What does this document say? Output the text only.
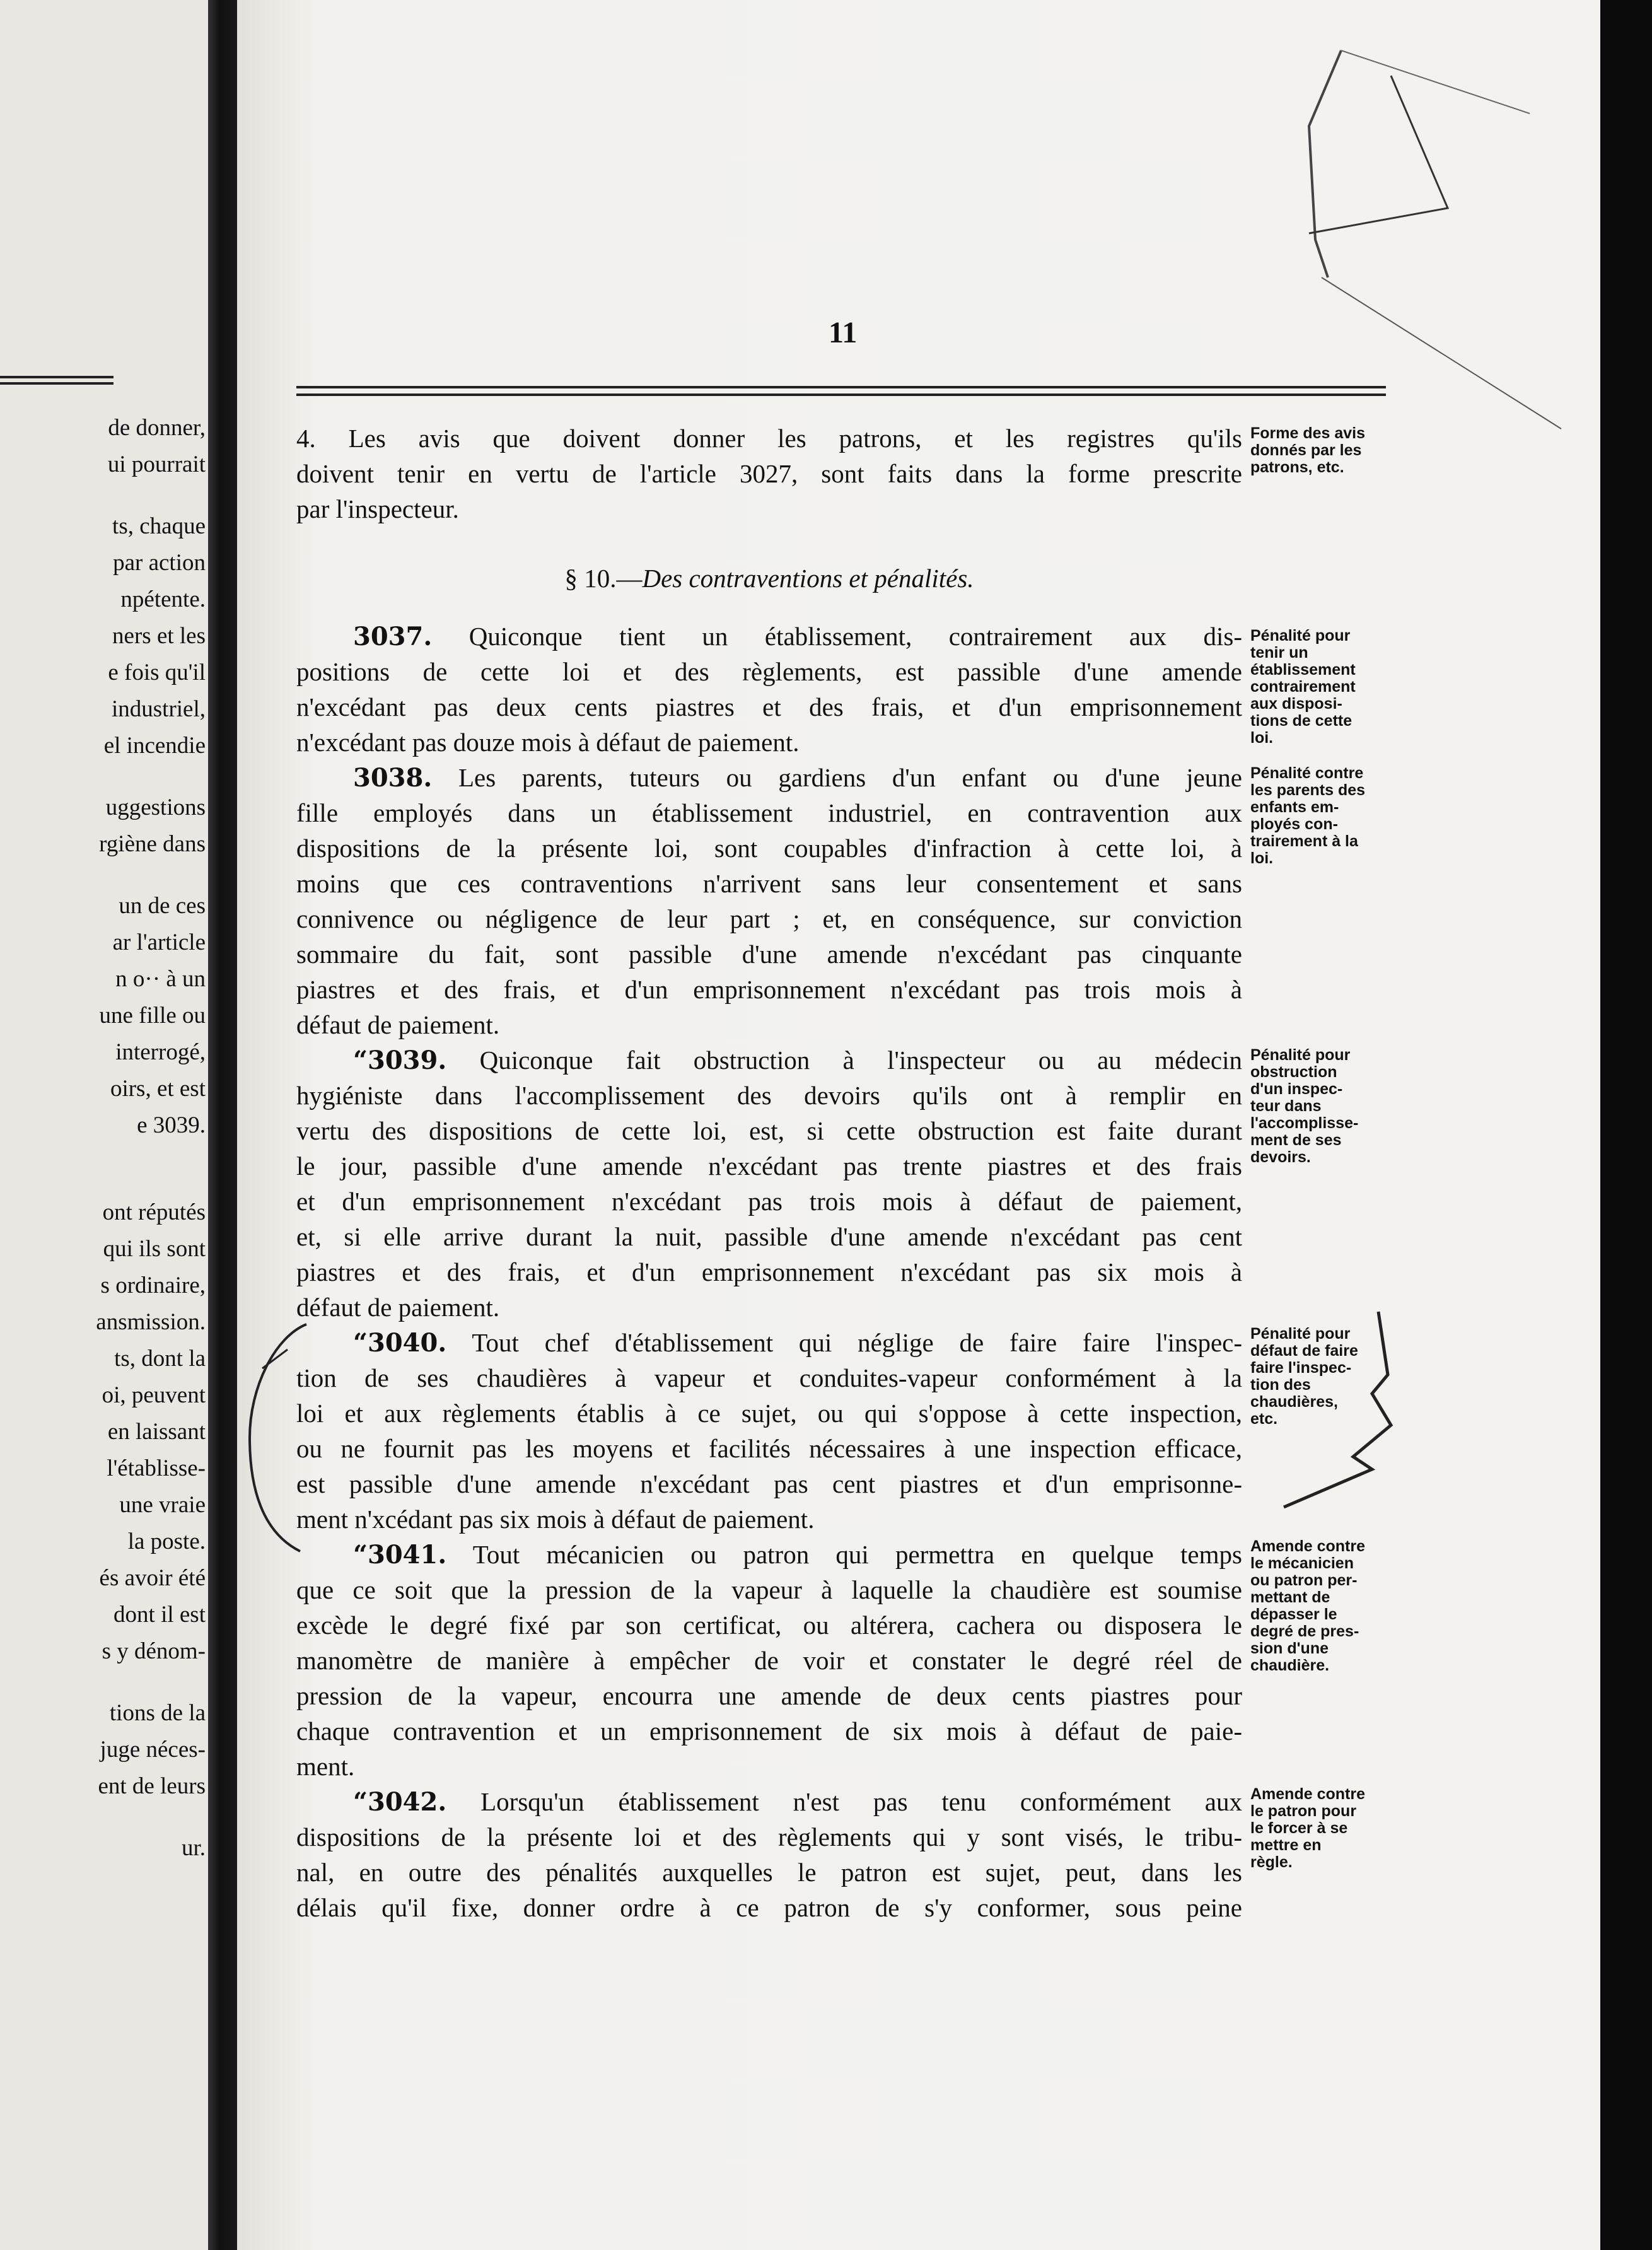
de donner,
ui pourrait
ts, chaque
par action
npétente.
ners et les
e fois qu'il
industriel,
el incendie
uggestions
rgiène dans
un de ces
ar l'article
n o·· à un
une fille ou
interrogé,
oirs, et est
e 3039.
ont réputés
qui ils sont
s ordinaire,
ansmission.
ts, dont la
oi, peuvent
en laissant
l'établisse-
une vraie
la poste.
és avoir été
dont il est
s y dénom-
tions de la
juge néces-
ent de leurs
ur.
11
4. Les avis que doivent donner les patrons, et les registres qu'ils
doivent tenir en vertu de l'article 3027, sont faits dans la forme prescrite
par l'inspecteur.
Forme des avis
donnés par les
patrons, etc.
§ 10.—Des contraventions et pénalités.
3037. Quiconque tient un établissement, contrairement aux dis-
positions de cette loi et des règlements, est passible d'une amende
n'excédant pas deux cents piastres et des frais, et d'un emprisonnement
n'excédant pas douze mois à défaut de paiement.
Pénalité pour
tenir un
établissement
contrairement
aux disposi-
tions de cette
loi.
3038. Les parents, tuteurs ou gardiens d'un enfant ou d'une jeune
fille employés dans un établissement industriel, en contravention aux
dispositions de la présente loi, sont coupables d'infraction à cette loi, à
moins que ces contraventions n'arrivent sans leur consentement et sans
connivence ou négligence de leur part ; et, en conséquence, sur conviction
sommaire du fait, sont passible d'une amende n'excédant pas cinquante
piastres et des frais, et d'un emprisonnement n'excédant pas trois mois à
défaut de paiement.
Pénalité contre
les parents des
enfants em-
ployés con-
trairement à la
loi.
“3039. Quiconque fait obstruction à l'inspecteur ou au médecin
hygiéniste dans l'accomplissement des devoirs qu'ils ont à remplir en
vertu des dispositions de cette loi, est, si cette obstruction est faite durant
le jour, passible d'une amende n'excédant pas trente piastres et des frais
et d'un emprisonnement n'excédant pas trois mois à défaut de paiement,
et, si elle arrive durant la nuit, passible d'une amende n'excédant pas cent
piastres et des frais, et d'un emprisonnement n'excédant pas six mois à
défaut de paiement.
Pénalité pour
obstruction
d'un inspec-
teur dans
l'accomplisse-
ment de ses
devoirs.
“3040. Tout chef d'établissement qui néglige de faire faire l'inspec-
tion de ses chaudières à vapeur et conduites-vapeur conformément à la
loi et aux règlements établis à ce sujet, ou qui s'oppose à cette inspection,
ou ne fournit pas les moyens et facilités nécessaires à une inspection efficace,
est passible d'une amende n'excédant pas cent piastres et d'un emprisonne-
ment n'xcédant pas six mois à défaut de paiement.
Pénalité pour
défaut de faire
faire l'inspec-
tion des
chaudières,
etc.
“3041. Tout mécanicien ou patron qui permettra en quelque temps
que ce soit que la pression de la vapeur à laquelle la chaudière est soumise
excède le degré fixé par son certificat, ou altérera, cachera ou disposera le
manomètre de manière à empêcher de voir et constater le degré réel de
pression de la vapeur, encourra une amende de deux cents piastres pour
chaque contravention et un emprisonnement de six mois à défaut de paie-
ment.
Amende contre
le mécanicien
ou patron per-
mettant de
dépasser le
degré de pres-
sion d'une
chaudière.
“3042. Lorsqu'un établissement n'est pas tenu conformément aux
dispositions de la présente loi et des règlements qui y sont visés, le tribu-
nal, en outre des pénalités auxquelles le patron est sujet, peut, dans les
délais qu'il fixe, donner ordre à ce patron de s'y conformer, sous peine
Amende contre
le patron pour
le forcer à se
mettre en
règle.
